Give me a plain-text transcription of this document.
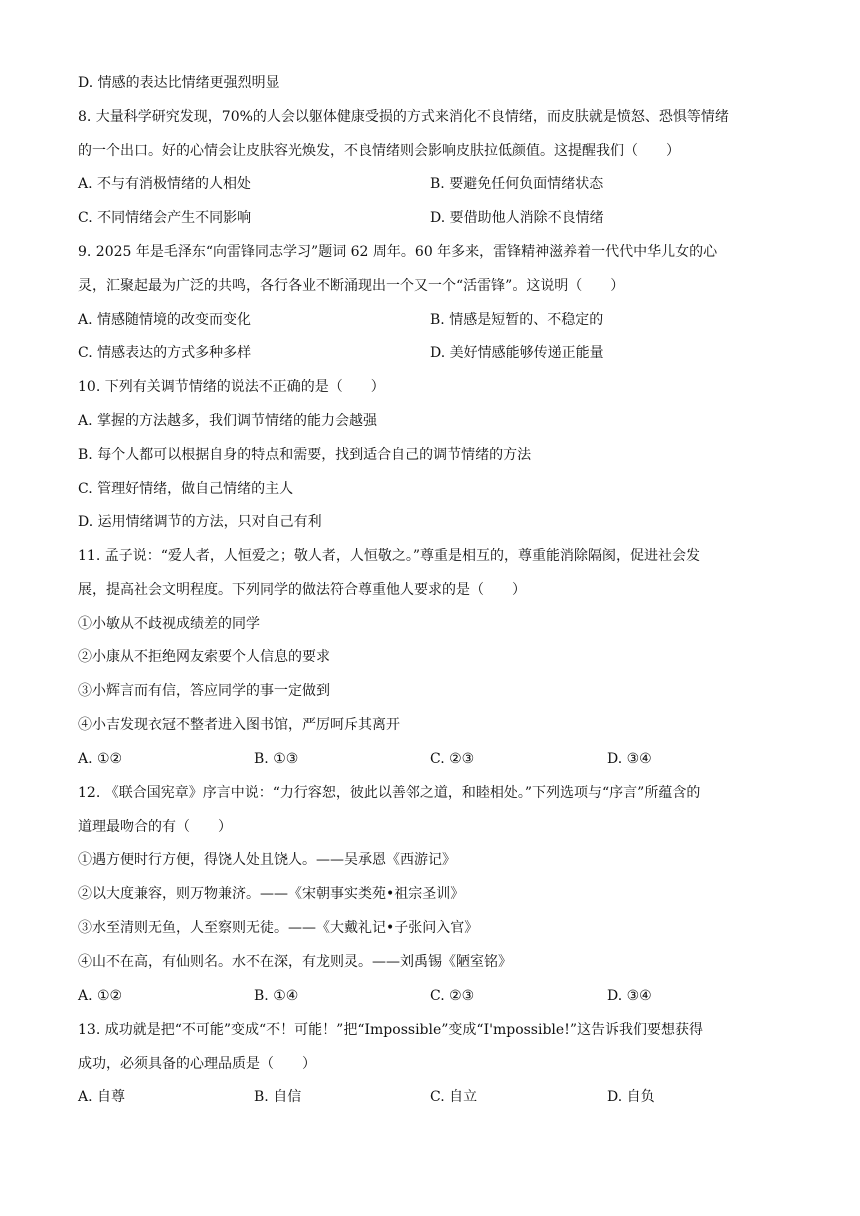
D. 情感的表达比情绪更强烈明显
8. 大量科学研究发现，70%的人会以躯体健康受损的方式来消化不良情绪，而皮肤就是愤怒、恐惧等情绪
的一个出口。好的心情会让皮肤容光焕发，不良情绪则会影响皮肤拉低颜值。这提醒我们（　　）
A. 不与有消极情绪的人相处	B. 要避免任何负面情绪状态
C. 不同情绪会产生不同影响	D. 要借助他人消除不良情绪
9. 2025 年是毛泽东“向雷锋同志学习”题词 62 周年。60 年多来，雷锋精神滋养着一代代中华儿女的心
灵，汇聚起最为广泛的共鸣，各行各业不断涌现出一个又一个“活雷锋”。这说明（　　）
A. 情感随情境的改变而变化	B. 情感是短暂的、不稳定的
C. 情感表达的方式多种多样	D. 美好情感能够传递正能量
10. 下列有关调节情绪的说法不正确的是（　　）
A. 掌握的方法越多，我们调节情绪的能力会越强
B. 每个人都可以根据自身的特点和需要，找到适合自己的调节情绪的方法
C. 管理好情绪，做自己情绪的主人
D. 运用情绪调节的方法，只对自己有利
11. 孟子说：“爱人者，人恒爱之；敬人者，人恒敬之。”尊重是相互的，尊重能消除隔阂，促进社会发
展，提高社会文明程度。下列同学的做法符合尊重他人要求的是（　　）
①小敏从不歧视成绩差的同学
②小康从不拒绝网友索要个人信息的要求
③小辉言而有信，答应同学的事一定做到
④小吉发现衣冠不整者进入图书馆，严厉呵斥其离开
A. ①②	B. ①③	C. ②③	D. ③④
12. 《联合国宪章》序言中说：“力行容恕，彼此以善邻之道，和睦相处。”下列选项与“序言”所蕴含的
道理最吻合的有（　　）
①遇方便时行方便，得饶人处且饶人。——吴承恩《西游记》
②以大度兼容，则万物兼济。——《宋朝事实类苑•祖宗圣训》
③水至清则无鱼，人至察则无徒。——《大戴礼记•子张问入官》
④山不在高，有仙则名。水不在深，有龙则灵。——刘禹锡《陋室铭》
A. ①②	B. ①④	C. ②③	D. ③④
13. 成功就是把“不可能”变成“不！可能！”把“Impossible”变成“I'mpossible!”这告诉我们要想获得
成功，必须具备的心理品质是（　　）
A. 自尊	B. 自信	C. 自立	D. 自负
